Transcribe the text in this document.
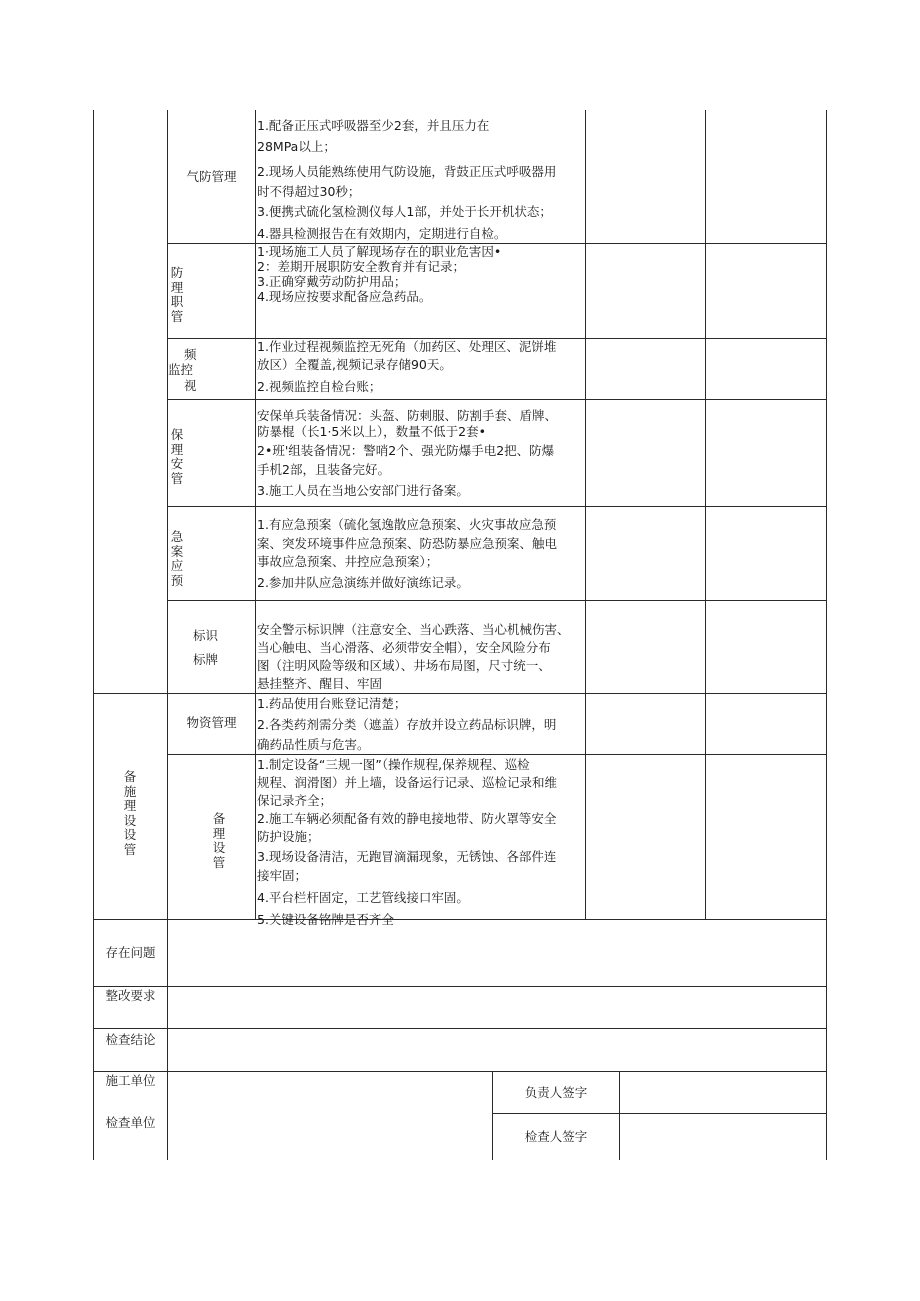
气防管理
1.配备正压式呼吸器至少2套，并且压力在
28MPa以上；
2.现场人员能熟练使用气防设施，背鼓正压式呼吸器用
时不得超过30秒；
3.便携式硫化氢检测仪每人1部，并处于长开机状态；
4.器具检测报告在有效期内，定期进行自检。
防理职管
1·现场施工人员了解现场存在的职业危害因•
2：差期开展职防安全教育并有记录；
3.正确穿戴劳动防护用品；
4.现场应按要求配备应急药品。
频
监控
视
1.作业过程视频监控无死角（加药区、处理区、泥饼堆
放区）全覆盖,视频记录存储90天。
2.视频监控自检台账；
保理安管
安保单兵装备情况：头盔、防刺服、防割手套、盾牌、
防暴棍（长1·5米以上），数量不低于2套•
2•班'组装备情况：警哨2个、强光防爆手电2把、防爆
手机2部，且装备完好。
3.施工人员在当地公安部门进行备案。
急案应预
1.有应急预案（硫化氢逸散应急预案、火灾事故应急预
案、突发环境事件应急预案、防恐防暴应急预案、触电
事故应急预案、井控应急预案）；
2.参加井队应急演练并做好演练记录。
标识
标牌
安全警示标识牌（注意安全、当心跌落、当心机械伤害、
当心触电、当心滑落、必须带安全帽），安全风险分布
图（注明风险等级和区域）、井场布局图，尺寸统一、
悬挂整齐、醒目、牢固
备施理设设管
物资管理
1.药品使用台账登记清楚；
2.各类药剂需分类（遮盖）存放并设立药品标识牌，明
确药品性质与危害。
备理设管
1.制定设备“三规一图”（操作规程,保养规程、巡检
规程、润滑图）并上墙，设备运行记录、巡检记录和维
保记录齐全；
2.施工车辆必须配备有效的静电接地带、防火罩等安全
防护设施；
3.现场设备清洁，无跑冒滴漏现象，无锈蚀、各部件连
接牢固；
4.平台栏杆固定，工艺管线接口牢固。
5.关键设备铭牌是否齐全
存在问题
整改要求
检查结论
施工单位
负责人签字
检查单位
检查人签字
